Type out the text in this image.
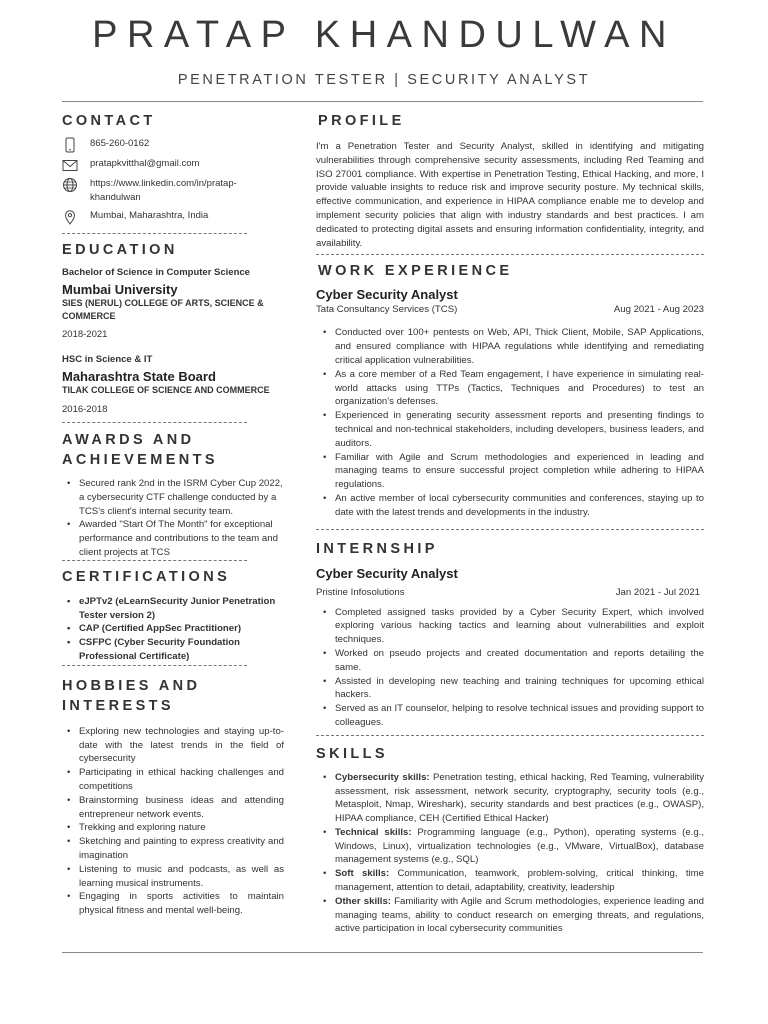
PRATAP KHANDULWAN
PENETRATION TESTER | SECURITY ANALYST
CONTACT
865-260-0162
pratapkvitthal@gmail.com
https://www.linkedin.com/in/pratap-khandulwan
Mumbai, Maharashtra, India
EDUCATION
Bachelor of Science in Computer Science
Mumbai University
SIES (NERUL) COLLEGE OF ARTS, SCIENCE & COMMERCE
2018-2021
HSC in Science & IT
Maharashtra State Board
TILAK COLLEGE OF SCIENCE AND COMMERCE
2016-2018
AWARDS AND
ACHIEVEMENTS
• Secured rank 2nd in the ISRM Cyber Cup 2022, a cybersecurity CTF challenge conducted by a TCS's client's internal security team.
• Awarded "Start Of The Month" for exceptional performance and contributions to the team and client projects at TCS
CERTIFICATIONS
• eJPTv2 (eLearnSecurity Junior Penetration Tester version 2)
• CAP (Certified AppSec Practitioner)
• CSFPC (Cyber Security Foundation Professional Certificate)
HOBBIES AND
INTERESTS
• Exploring new technologies and staying up-to-date with the latest trends in the field of cybersecurity
• Participating in ethical hacking challenges and competitions
• Brainstorming business ideas and attending entrepreneur network events.
• Trekking and exploring nature
• Sketching and painting to express creativity and imagination
• Listening to music and podcasts, as well as learning musical instruments.
• Engaging in sports activities to maintain physical fitness and mental well-being.
PROFILE
I'm a Penetration Tester and Security Analyst, skilled in identifying and mitigating vulnerabilities through comprehensive security assessments, including Red Teaming and ISO 27001 compliance. With expertise in Penetration Testing, Ethical Hacking, and more, I provide valuable insights to reduce risk and improve security posture. My technical skills, effective communication, and experience in HIPAA compliance enable me to develop and implement security policies that align with industry standards and best practices. I am dedicated to protecting digital assets and ensuring information confidentiality, integrity, and availability.
WORK EXPERIENCE
Cyber Security Analyst
Tata Consultancy Services (TCS)	Aug 2021 - Aug 2023
• Conducted over 100+ pentests on Web, API, Thick Client, Mobile, SAP Applications, and ensured compliance with HIPAA regulations while identifying and remediating critical application vulnerabilities.
• As a core member of a Red Team engagement, I have experience in simulating real-world attacks using TTPs (Tactics, Techniques and Procedures) to test an organization's defenses.
• Experienced in generating security assessment reports and presenting findings to technical and non-technical stakeholders, including developers, business leaders, and auditors.
• Familiar with Agile and Scrum methodologies and experienced in leading and managing teams to ensure successful project completion while adhering to HIPAA regulations.
• An active member of local cybersecurity communities and conferences, staying up to date with the latest trends and developments in the industry.
INTERNSHIP
Cyber Security Analyst
Pristine Infosolutions	Jan 2021 - Jul 2021
• Completed assigned tasks provided by a Cyber Security Expert, which involved exploring various hacking tactics and learning about vulnerabilities and exploit techniques.
• Worked on pseudo projects and created documentation and reports detailing the same.
• Assisted in developing new teaching and training techniques for upcoming ethical hackers.
• Served as an IT counselor, helping to resolve technical issues and providing support to colleagues.
SKILLS
• Cybersecurity skills: Penetration testing, ethical hacking, Red Teaming, vulnerability assessment, risk assessment, network security, cryptography, security tools (e.g., Metasploit, Nmap, Wireshark), security standards and best practices (e.g., OWASP), HIPAA compliance, CEH (Certified Ethical Hacker)
• Technical skills: Programming language (e.g., Python), operating systems (e.g., Windows, Linux), virtualization technologies (e.g., VMware, VirtualBox), database management systems (e.g., SQL)
• Soft skills: Communication, teamwork, problem-solving, critical thinking, time management, attention to detail, adaptability, creativity, leadership
• Other skills: Familiarity with Agile and Scrum methodologies, experience leading and managing teams, ability to conduct research on emerging threats, and regulations, active participation in local cybersecurity communities
